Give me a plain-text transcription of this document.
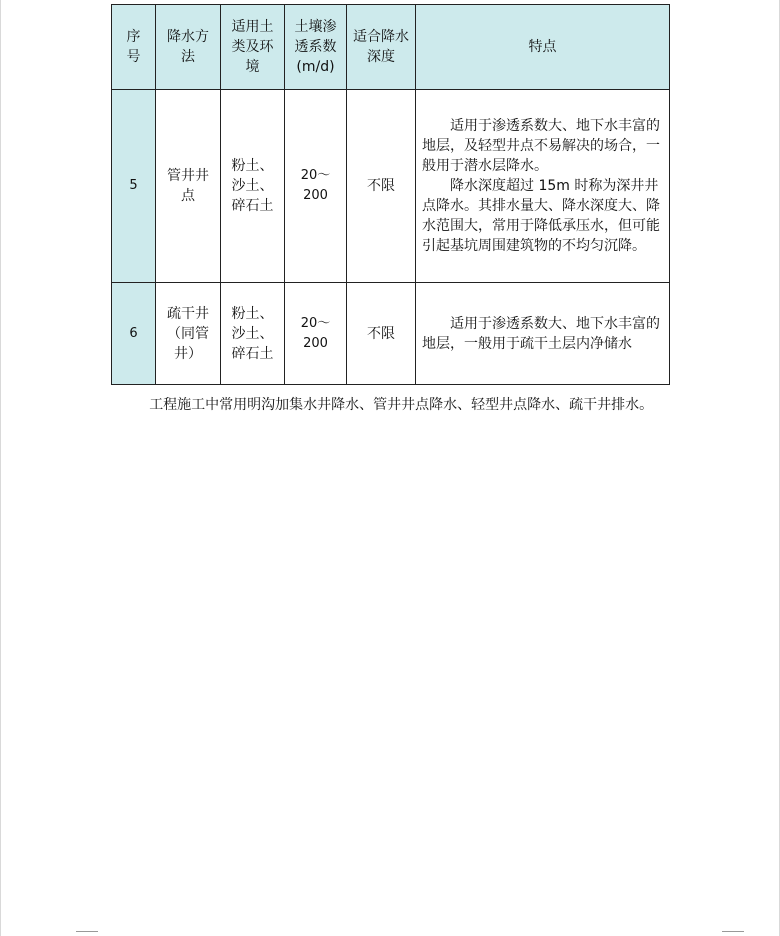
序号	降水方法	适用土类及环境	土壤渗透系数(m/d)	适合降水深度	特点
5	管井井点	粉土、沙土、碎石土	20～200	不限	适用于渗透系数大、地下水丰富的地层，及轻型井点不易解决的场合，一般用于潜水层降水。

降水深度超过 15m 时称为深井井点降水。其排水量大、降水深度大、降水范围大，常用于降低承压水，但可能引起基坑周围建筑物的不均匀沉降。

6	疏干井（同管井）	粉土、沙土、碎石土	20～200	不限	适用于渗透系数大、地下水丰富的地层，一般用于疏干土层内净储水

工程施工中常用明沟加集水井降水、管井井点降水、轻型井点降水、疏干井排水。
